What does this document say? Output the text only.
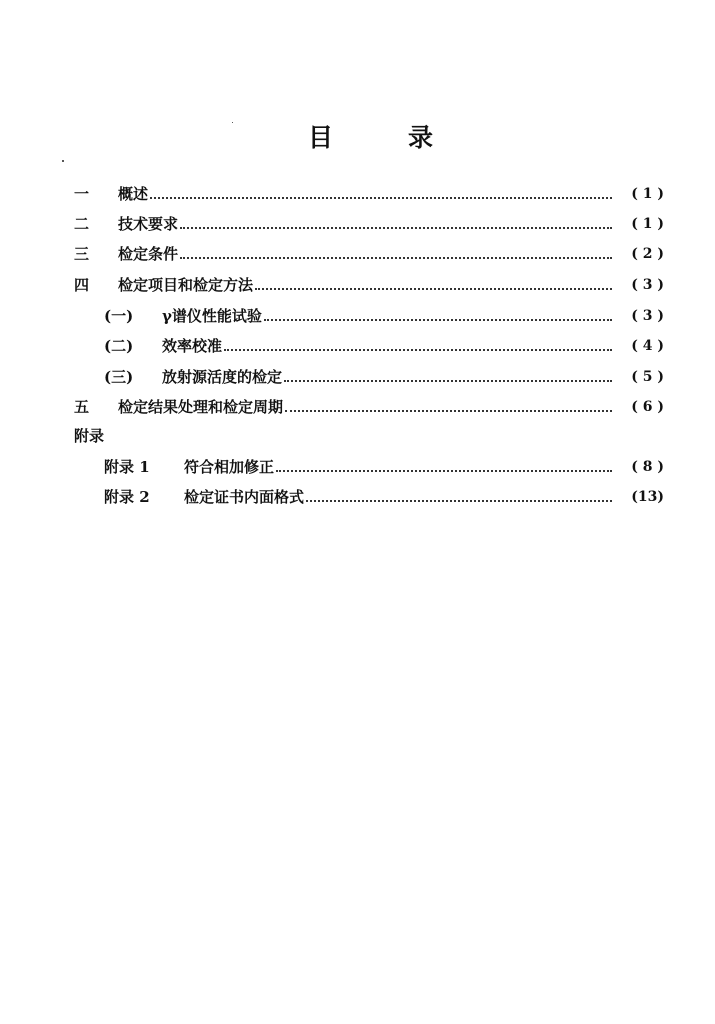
目	录
一	概述	( 1 )
二	技术要求	( 1 )
三	检定条件	( 2 )
四	检定项目和检定方法	( 3 )
(一)	γ谱仪性能试验	( 3 )
(二)	效率校准	( 4 )
(三)	放射源活度的检定	( 5 )
五	检定结果处理和检定周期	( 6 )
附录
附录 1	符合相加修正	( 8 )
附录 2	检定证书内面格式	(13)
